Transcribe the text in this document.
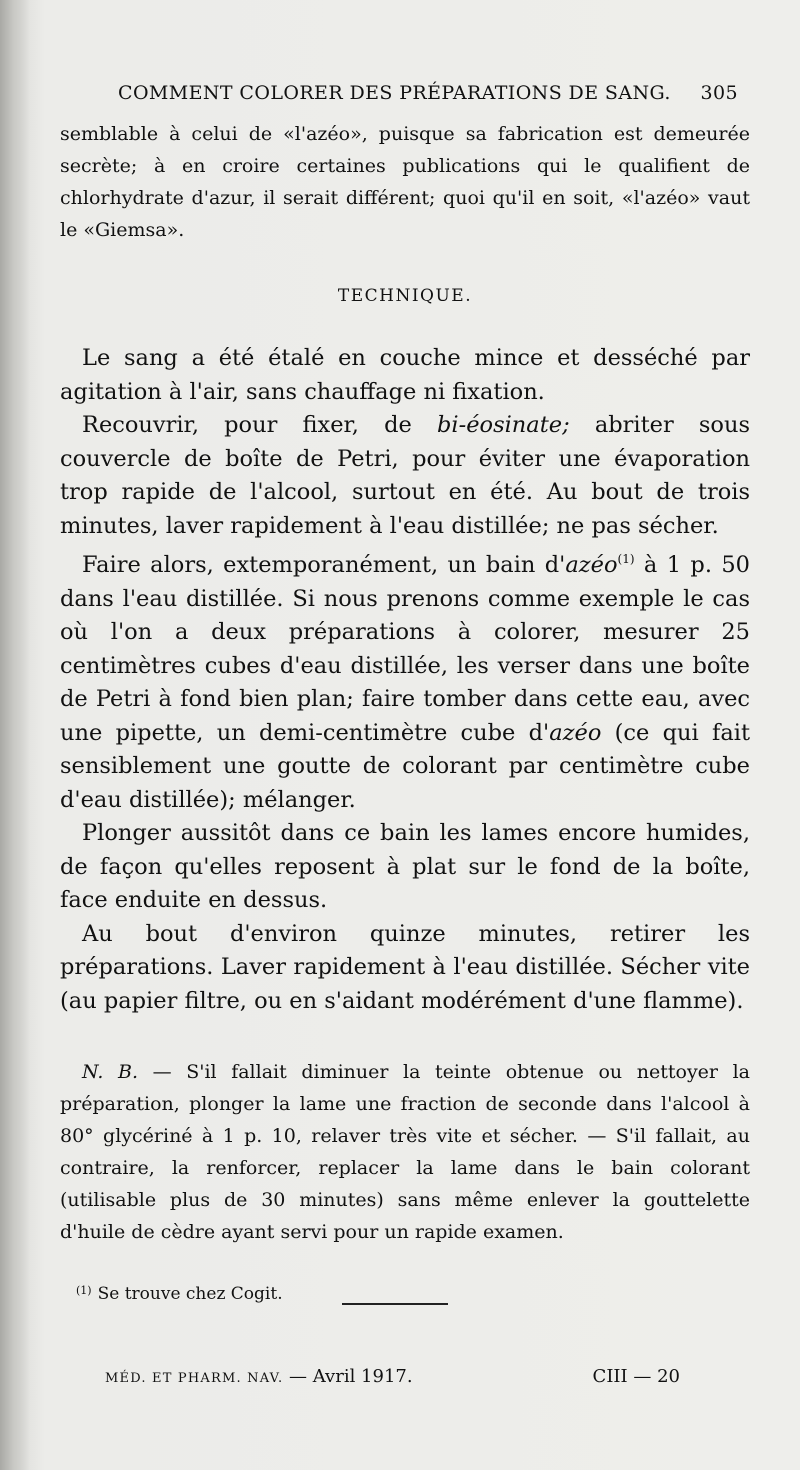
COMMENT COLORER DES PRÉPARATIONS DE SANG. 305

semblable à celui de «l'azéo», puisque sa fabrication est demeurée secrète; à en croire certaines publications qui le qualifient de chlorhydrate d'azur, il serait différent; quoi qu'il en soit, «l'azéo» vaut le «Giemsa».

TECHNIQUE.

Le sang a été étalé en couche mince et desséché par agitation à l'air, sans chauffage ni fixation.

Recouvrir, pour fixer, de bi-éosinate; abriter sous couvercle de boîte de Petri, pour éviter une évaporation trop rapide de l'alcool, surtout en été. Au bout de trois minutes, laver rapidement à l'eau distillée; ne pas sécher.

Faire alors, extemporanément, un bain d'azéo$^{(1)}$ à 1 p. 50 dans l'eau distillée. Si nous prenons comme exemple le cas où l'on a deux préparations à colorer, mesurer 25 centimètres cubes d'eau distillée, les verser dans une boîte de Petri à fond bien plan; faire tomber dans cette eau, avec une pipette, un demi-centimètre cube d'azéo (ce qui fait sensiblement une goutte de colorant par centimètre cube d'eau distillée); mélanger.

Plonger aussitôt dans ce bain les lames encore humides, de façon qu'elles reposent à plat sur le fond de la boîte, face enduite en dessus.

Au bout d'environ quinze minutes, retirer les préparations. Laver rapidement à l'eau distillée. Sécher vite (au papier filtre, ou en s'aidant modérément d'une flamme).

N. B. — S'il fallait diminuer la teinte obtenue ou nettoyer la préparation, plonger la lame une fraction de seconde dans l'alcool à 80° glycériné à 1 p. 10, relaver très vite et sécher. — S'il fallait, au contraire, la renforcer, replacer la lame dans le bain colorant (utilisable plus de 30 minutes) sans même enlever la gouttelette d'huile de cèdre ayant servi pour un rapide examen.

$^{(1)}$ Se trouve chez Cogit.

MÉD. ET PHARM. NAV. — Avril 1917.	CIII — 20
